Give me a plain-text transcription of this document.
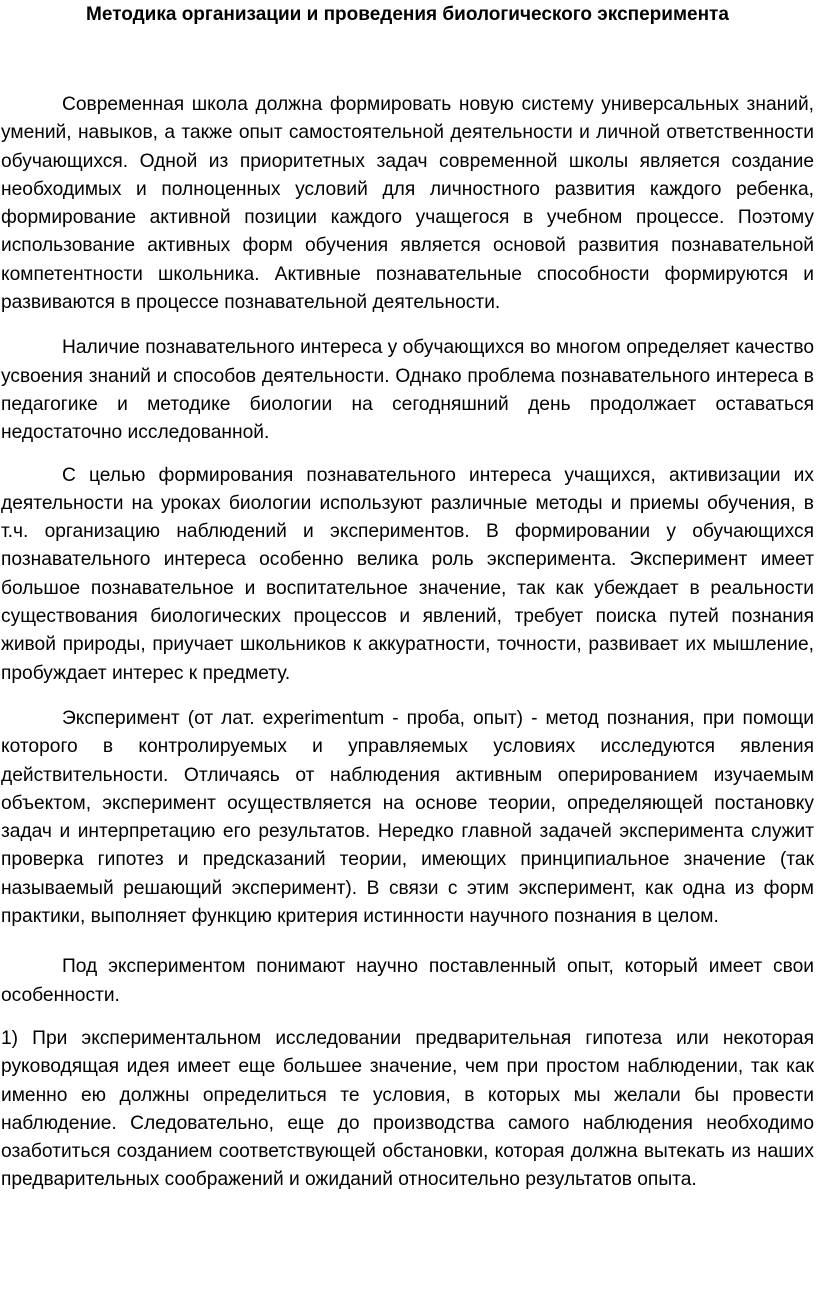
Методика организации и проведения биологического эксперимента

Современная школа должна формировать новую систему универсальных знаний, умений, навыков, а также опыт самостоятельной деятельности и личной ответственности обучающихся. Одной из приоритетных задач современной школы является создание необходимых и полноценных условий для личностного развития каждого ребенка, формирование активной позиции каждого учащегося в учебном процессе. Поэтому использование активных форм обучения является основой развития познавательной компетентности школьника. Активные познавательные способности формируются и развиваются в процессе познавательной деятельности.

Наличие познавательного интереса у обучающихся во многом определяет качество усвоения знаний и способов деятельности. Однако проблема познавательного интереса в педагогике и методике биологии на сегодняшний день продолжает оставаться недостаточно исследованной.

С целью формирования познавательного интереса учащихся, активизации их деятельности на уроках биологии используют различные методы и приемы обучения, в т.ч. организацию наблюдений и экспериментов. В формировании у обучающихся познавательного интереса особенно велика роль эксперимента. Эксперимент имеет большое познавательное и воспитательное значение, так как убеждает в реальности существования биологических процессов и явлений, требует поиска путей познания живой природы, приучает школьников к аккуратности, точности, развивает их мышление, пробуждает интерес к предмету.

Эксперимент (от лат. experimentum - проба, опыт) - метод познания, при помощи которого в контролируемых и управляемых условиях исследуются явления действительности. Отличаясь от наблюдения активным оперированием изучаемым объектом, эксперимент осуществляется на основе теории, определяющей постановку задач и интерпретацию его результатов. Нередко главной задачей эксперимента служит проверка гипотез и предсказаний теории, имеющих принципиальное значение (так называемый решающий эксперимент). В связи с этим эксперимент, как одна из форм практики, выполняет функцию критерия истинности научного познания в целом.

Под экспериментом понимают научно поставленный опыт, который имеет свои особенности.

1) При экспериментальном исследовании предварительная гипотеза или некоторая руководящая идея имеет еще большее значение, чем при простом наблюдении, так как именно ею должны определиться те условия, в которых мы желали бы провести наблюдение. Следовательно, еще до производства самого наблюдения необходимо озаботиться созданием соответствующей обстановки, которая должна вытекать из наших предварительных соображений и ожиданий относительно результатов опыта.
